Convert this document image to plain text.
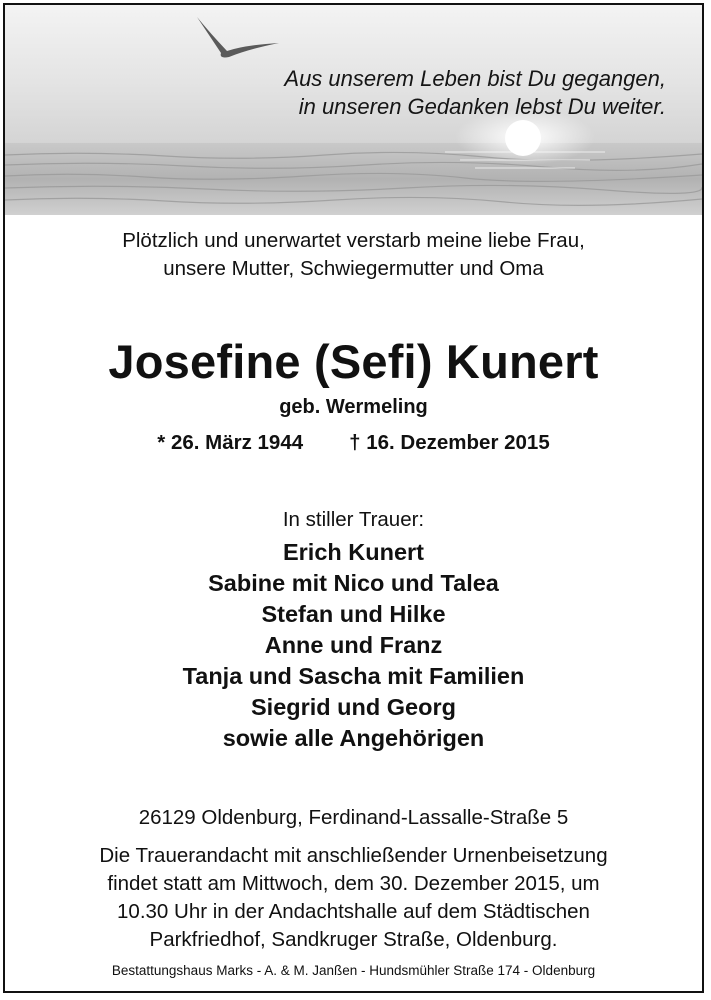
Aus unserem Leben bist Du gegangen,
in unseren Gedanken lebst Du weiter.
Plötzlich und unerwartet verstarb meine liebe Frau,
unsere Mutter, Schwiegermutter und Oma
Josefine (Sefi) Kunert
geb. Wermeling
* 26. März 1944 † 16. Dezember 2015
In stiller Trauer:
Erich Kunert
Sabine mit Nico und Talea
Stefan und Hilke
Anne und Franz
Tanja und Sascha mit Familien
Siegrid und Georg
sowie alle Angehörigen
26129 Oldenburg, Ferdinand-Lassalle-Straße 5
Die Trauerandacht mit anschließender Urnenbeisetzung
findet statt am Mittwoch, dem 30. Dezember 2015, um
10.30 Uhr in der Andachtshalle auf dem Städtischen
Parkfriedhof, Sandkruger Straße, Oldenburg.
Bestattungshaus Marks - A. & M. Janßen - Hundsmühler Straße 174 - Oldenburg
